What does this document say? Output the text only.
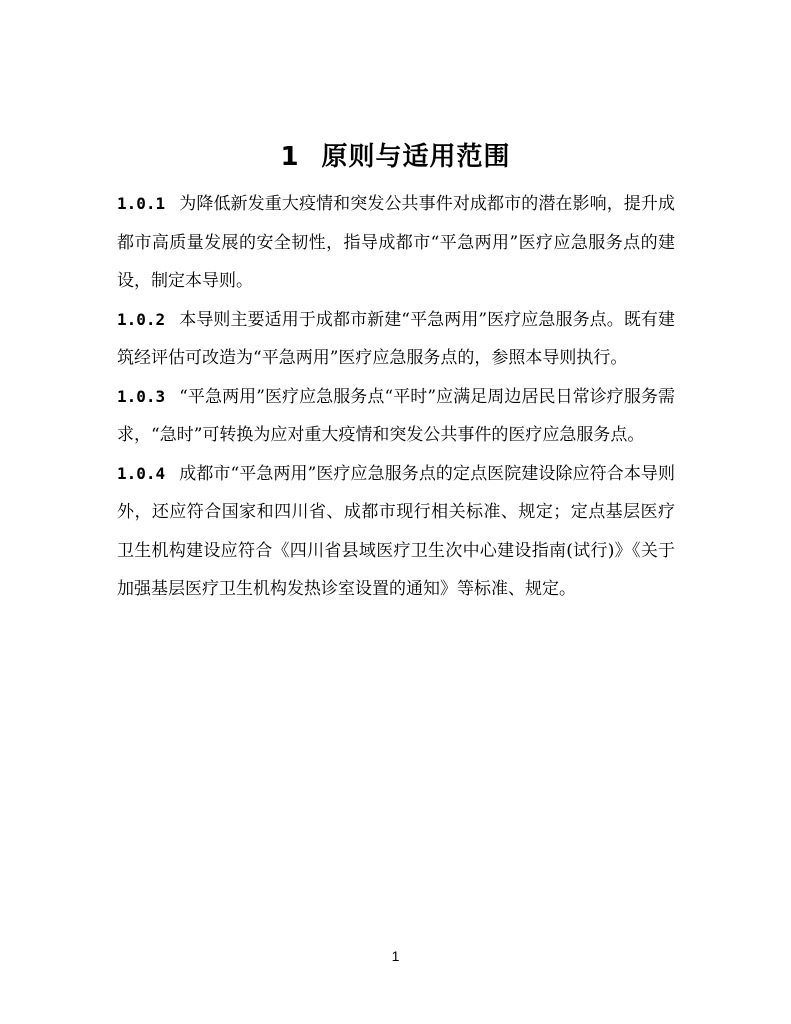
1 原则与适用范围

1.0.1 为降低新发重大疫情和突发公共事件对成都市的潜在影响，提升成都市高质量发展的安全韧性，指导成都市“平急两用”医疗应急服务点的建设，制定本导则。

1.0.2 本导则主要适用于成都市新建“平急两用”医疗应急服务点。既有建筑经评估可改造为“平急两用”医疗应急服务点的，参照本导则执行。

1.0.3 “平急两用”医疗应急服务点“平时”应满足周边居民日常诊疗服务需求，“急时”可转换为应对重大疫情和突发公共事件的医疗应急服务点。

1.0.4 成都市“平急两用”医疗应急服务点的定点医院建设除应符合本导则外，还应符合国家和四川省、成都市现行相关标准、规定；定点基层医疗卫生机构建设应符合《四川省县域医疗卫生次中心建设指南(试行)》《关于加强基层医疗卫生机构发热诊室设置的通知》等标准、规定。

1
